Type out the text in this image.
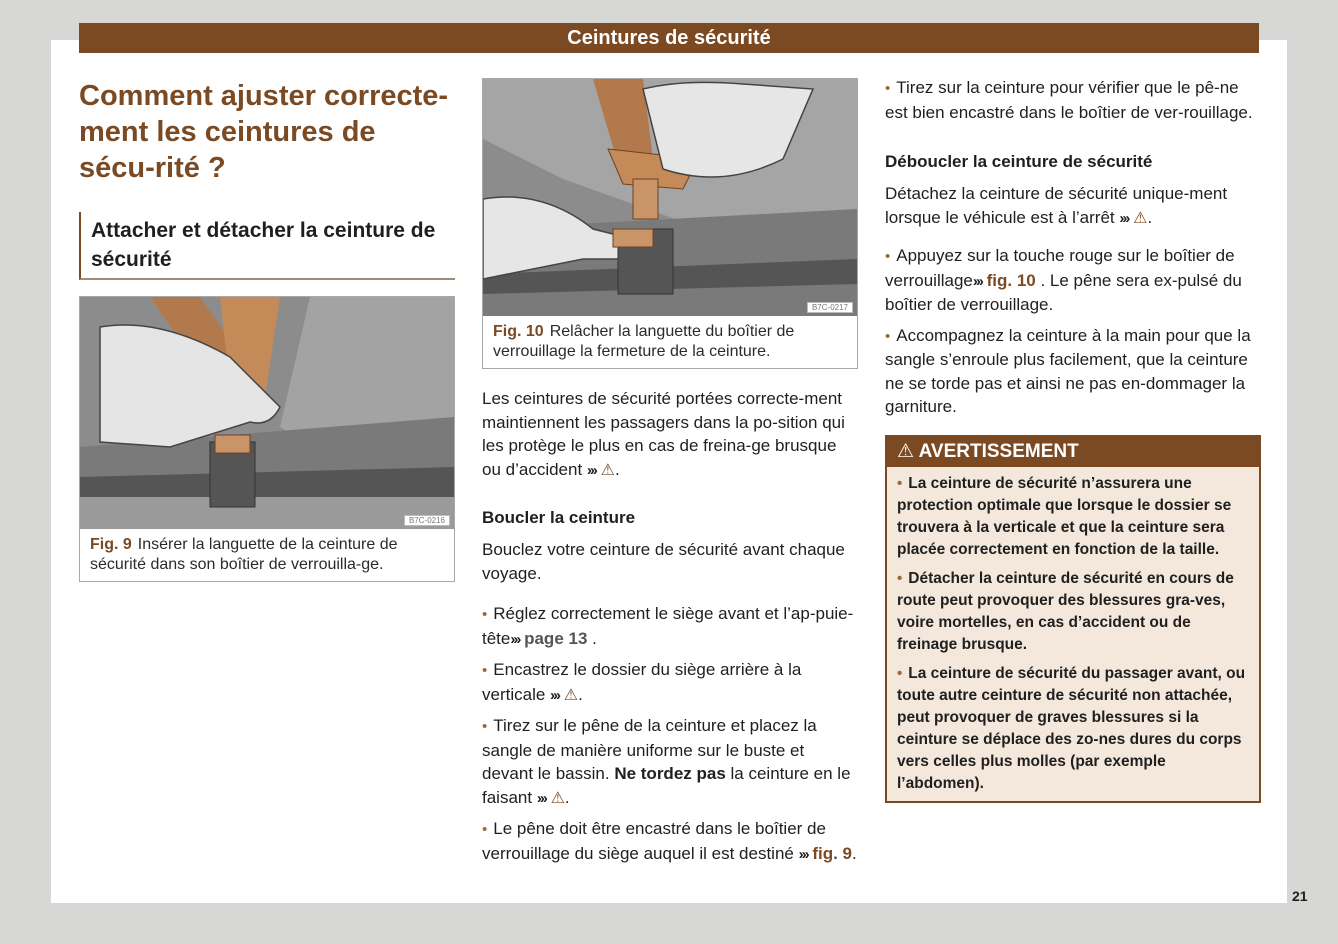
Ceintures de sécurité
Comment ajuster correcte-ment les ceintures de sécu-rité ?
Attacher et détacher la ceinture de sécurité
B7C-0216
Fig. 9 Insérer la languette de la ceinture de sécurité dans son boîtier de verrouilla-ge.
B7C-0217
Fig. 10 Relâcher la languette du boîtier de verrouillage la fermeture de la ceinture.

Les ceintures de sécurité portées correcte-ment maintiennent les passagers dans la po-sition qui les protège le plus en cas de freina-ge brusque ou d’accident ››› ⚠.

Boucler la ceinture

Bouclez votre ceinture de sécurité avant chaque voyage.

• Réglez correctement le siège avant et l’ap-puie-tête››› page 13 .

• Encastrez le dossier du siège arrière à la verticale ››› ⚠.

• Tirez sur le pêne de la ceinture et placez la sangle de manière uniforme sur le buste et devant le bassin. Ne tordez pas la ceinture en le faisant ››› ⚠.

• Le pêne doit être encastré dans le boîtier de verrouillage du siège auquel il est destiné ››› fig. 9.

• Tirez sur la ceinture pour vérifier que le pê-ne est bien encastré dans le boîtier de ver-rouillage.

Déboucler la ceinture de sécurité

Détachez la ceinture de sécurité unique-ment lorsque le véhicule est à l’arrêt ››› ⚠.

• Appuyez sur la touche rouge sur le boîtier de verrouillage››› fig. 10 . Le pêne sera ex-pulsé du boîtier de verrouillage.

• Accompagnez la ceinture à la main pour que la sangle s’enroule plus facilement, que la ceinture ne se torde pas et ainsi ne pas en-dommager la garniture.

⚠ AVERTISSEMENT

• La ceinture de sécurité n’assurera une protection optimale que lorsque le dossier se trouvera à la verticale et que la ceinture sera placée correctement en fonction de la taille.

• Détacher la ceinture de sécurité en cours de route peut provoquer des blessures gra-ves, voire mortelles, en cas d’accident ou de freinage brusque.

• La ceinture de sécurité du passager avant, ou toute autre ceinture de sécurité non attachée, peut provoquer de graves blessures si la ceinture se déplace des zo-nes dures du corps vers celles plus molles (par exemple l’abdomen).

21
